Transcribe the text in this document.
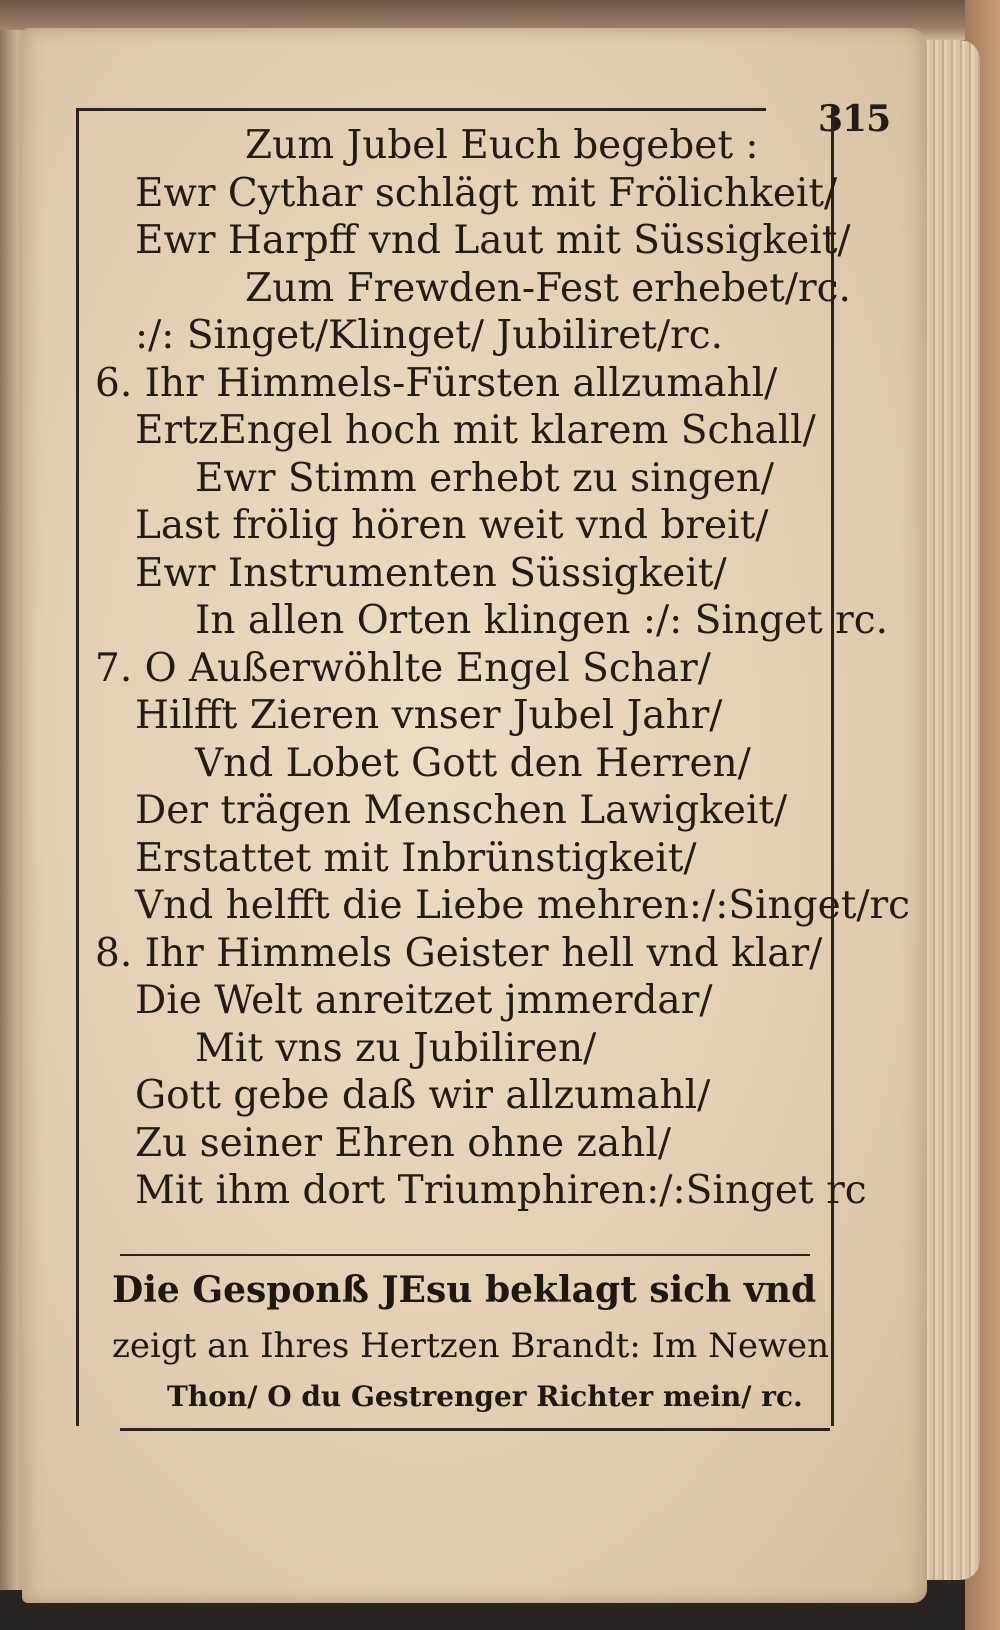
315
Zum Jubel Euch begebet :
Ewr Cythar schlägt mit Frölichkeit/
Ewr Harpff vnd Laut mit Süssigkeit/
Zum Frewden-Fest erhebet/rc.
:/: Singet/Klinget/ Jubiliret/rc.
6. Ihr Himmels-Fürsten allzumahl/
ErtzEngel hoch mit klarem Schall/
Ewr Stimm erhebt zu singen/
Last frölig hören weit vnd breit/
Ewr Instrumenten Süssigkeit/
In allen Orten klingen :/: Singet rc.
7. O Außerwöhlte Engel Schar/
Hilfft Zieren vnser Jubel Jahr/
Vnd Lobet Gott den Herren/
Der trägen Menschen Lawigkeit/
Erstattet mit Inbrünstigkeit/
Vnd helfft die Liebe mehren:/:Singet/rc
8. Ihr Himmels Geister hell vnd klar/
Die Welt anreitzet jmmerdar/
Mit vns zu Jubiliren/
Gott gebe daß wir allzumahl/
Zu seiner Ehren ohne zahl/
Mit ihm dort Triumphiren:/:Singet rc
Die Gesponß JEsu beklagt sich vnd
zeigt an Ihres Hertzen Brandt: Im Newen
Thon/ O du Gestrenger Richter mein/ rc.
